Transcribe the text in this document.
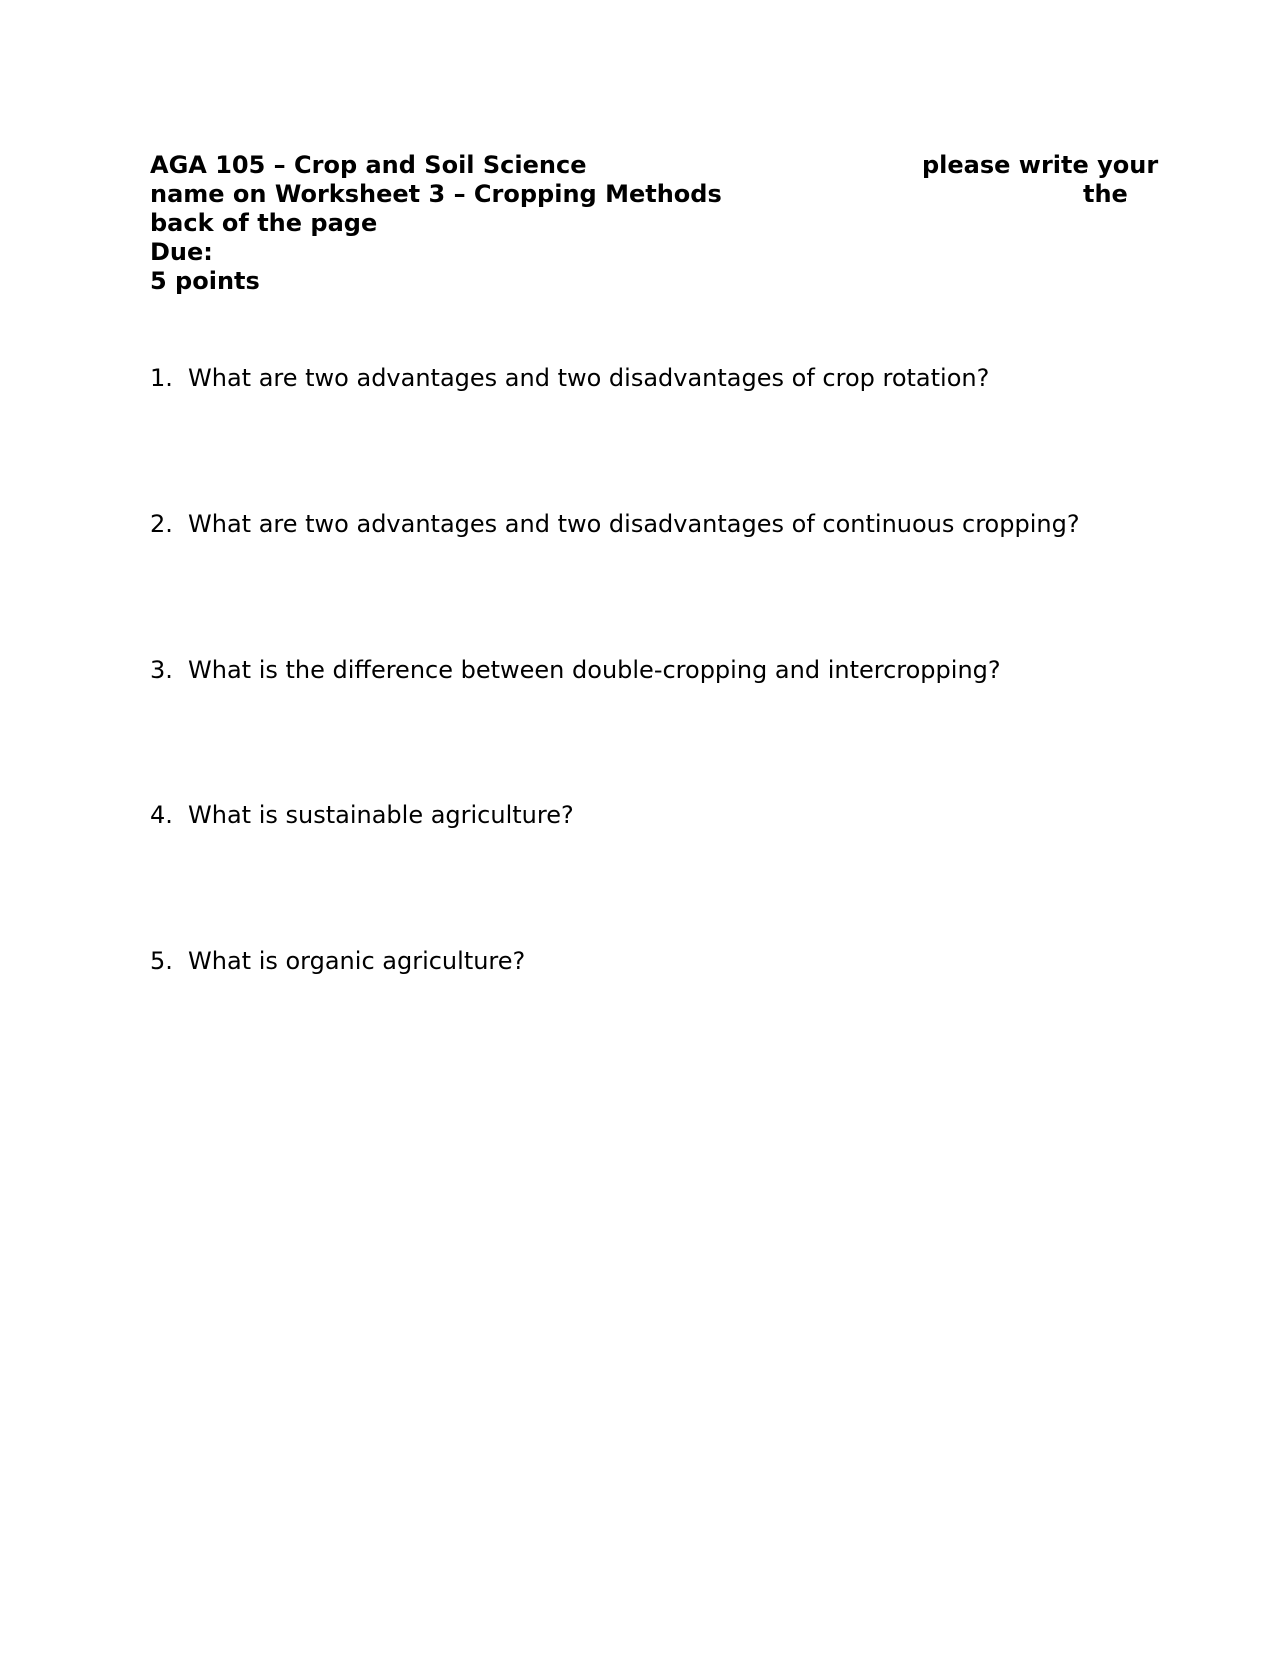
AGA 105 – Crop and Soil Science	please write your
name on Worksheet 3 – Cropping Methods	the
back of the page
Due:
5 points
1. What are two advantages and two disadvantages of crop rotation?
2. What are two advantages and two disadvantages of continuous cropping?
3. What is the difference between double-cropping and intercropping?
4. What is sustainable agriculture?
5. What is organic agriculture?
